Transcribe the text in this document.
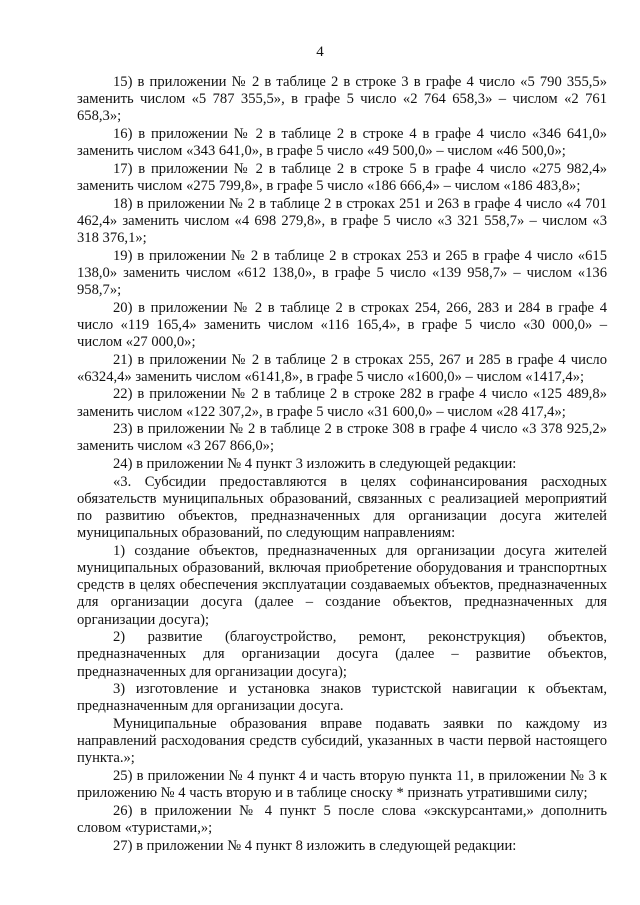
4

15) в приложении № 2 в таблице 2 в строке 3 в графе 4 число «5 790 355,5» заменить числом «5 787 355,5», в графе 5 число «2 764 658,3» – числом «2 761 658,3»;

16) в приложении № 2 в таблице 2 в строке 4 в графе 4 число «346 641,0» заменить числом «343 641,0», в графе 5 число «49 500,0» – числом «46 500,0»;

17) в приложении № 2 в таблице 2 в строке 5 в графе 4 число «275 982,4» заменить числом «275 799,8», в графе 5 число «186 666,4» – числом «186 483,8»;

18) в приложении № 2 в таблице 2 в строках 251 и 263 в графе 4 число «4 701 462,4» заменить числом «4 698 279,8», в графе 5 число «3 321 558,7» – числом «3 318 376,1»;

19) в приложении № 2 в таблице 2 в строках 253 и 265 в графе 4 число «615 138,0» заменить числом «612 138,0», в графе 5 число «139 958,7» – числом «136 958,7»;

20) в приложении № 2 в таблице 2 в строках 254, 266, 283 и 284 в графе 4 число «119 165,4» заменить числом «116 165,4», в графе 5 число «30 000,0» – числом «27 000,0»;

21) в приложении № 2 в таблице 2 в строках 255, 267 и 285 в графе 4 число «6324,4» заменить числом «6141,8», в графе 5 число «1600,0» – числом «1417,4»;

22) в приложении № 2 в таблице 2 в строке 282 в графе 4 число «125 489,8» заменить числом «122 307,2», в графе 5 число «31 600,0» – числом «28 417,4»;

23) в приложении № 2 в таблице 2 в строке 308 в графе 4 число «3 378 925,2» заменить числом «3 267 866,0»;

24) в приложении № 4 пункт 3 изложить в следующей редакции:

«3. Субсидии предоставляются в целях софинансирования расходных обязательств муниципальных образований, связанных с реализацией мероприятий по развитию объектов, предназначенных для организации досуга жителей муниципальных образований, по следующим направлениям:

1) создание объектов, предназначенных для организации досуга жителей муниципальных образований, включая приобретение оборудования и транспортных средств в целях обеспечения эксплуатации создаваемых объектов, предназначенных для организации досуга (далее – создание объектов, предназначенных для организации досуга);

2) развитие (благоустройство, ремонт, реконструкция) объектов, предназначенных для организации досуга (далее – развитие объектов, предназначенных для организации досуга);

3) изготовление и установка знаков туристской навигации к объектам, предназначенным для организации досуга.

Муниципальные образования вправе подавать заявки по каждому из направлений расходования средств субсидий, указанных в части первой настоящего пункта.»;

25) в приложении № 4 пункт 4 и часть вторую пункта 11, в приложении № 3 к приложению № 4 часть вторую и в таблице сноску * признать утратившими силу;

26) в приложении № 4 пункт 5 после слова «экскурсантами,» дополнить словом «туристами,»;

27) в приложении № 4 пункт 8 изложить в следующей редакции:
